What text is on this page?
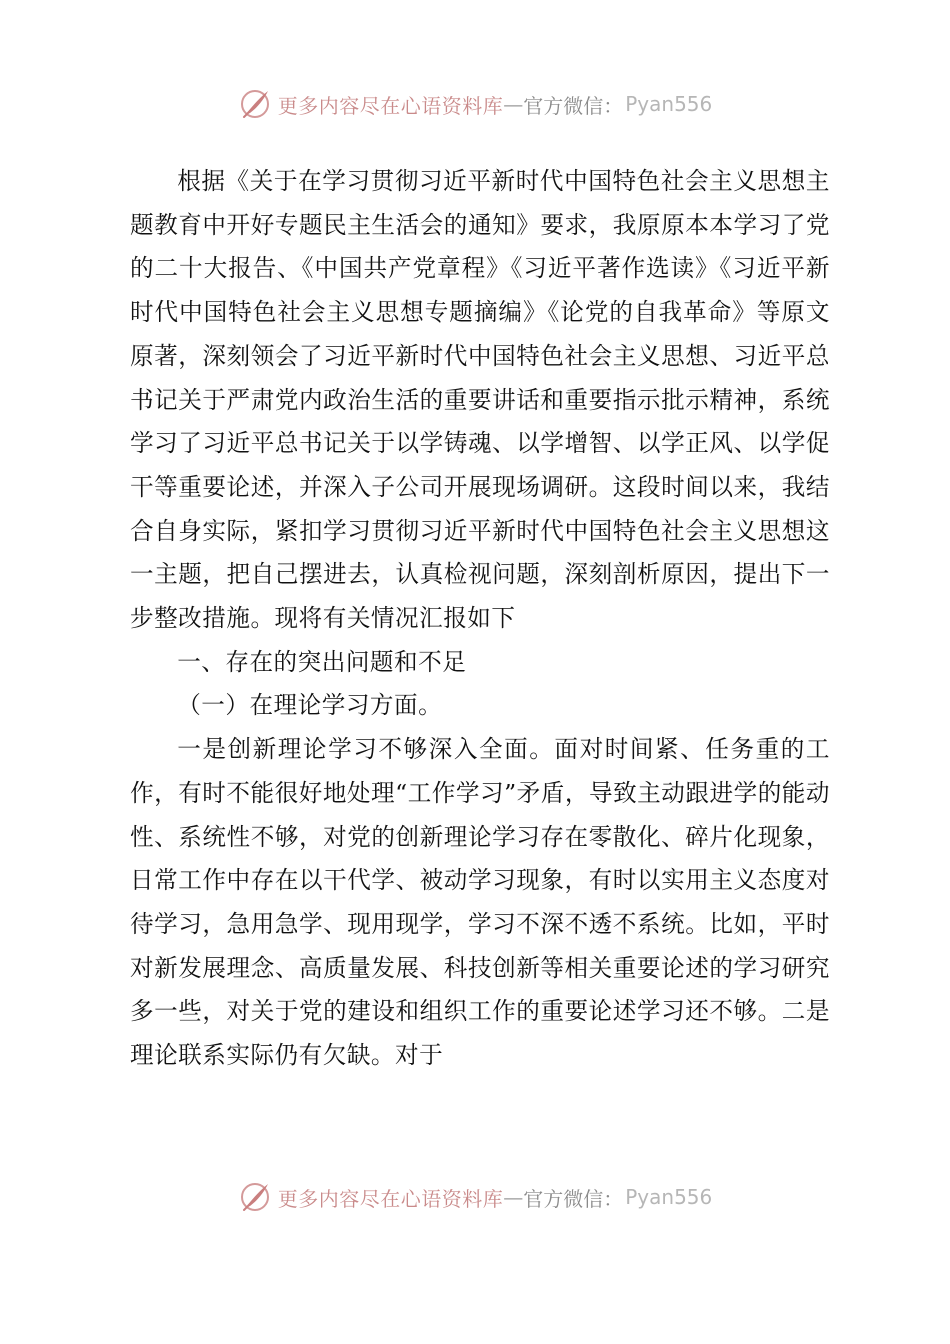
更多内容尽在心语资料库 — 官方微信： Pyan556

根据《关于在学习贯彻习近平新时代中国特色社会主义思想主题教育中开好专题民主生活会的通知》要求，我原原本本学习了党的二十大报告、《中国共产党章程》《习近平著作选读》《习近平新时代中国特色社会主义思想专题摘编》《论党的自我革命》等原文原著，深刻领会了习近平新时代中国特色社会主义思想、习近平总书记关于严肃党内政治生活的重要讲话和重要指示批示精神，系统学习了习近平总书记关于以学铸魂、以学增智、以学正风、以学促干等重要论述，并深入子公司开展现场调研。这段时间以来，我结合自身实际，紧扣学习贯彻习近平新时代中国特色社会主义思想这一主题，把自己摆进去，认真检视问题，深刻剖析原因，提出下一步整改措施。现将有关情况汇报如下

一、存在的突出问题和不足

（一）在理论学习方面。

一是创新理论学习不够深入全面。面对时间紧、任务重的工作，有时不能很好地处理“工作学习”矛盾，导致主动跟进学的能动性、系统性不够，对党的创新理论学习存在零散化、碎片化现象，日常工作中存在以干代学、被动学习现象，有时以实用主义态度对待学习，急用急学、现用现学，学习不深不透不系统。比如，平时对新发展理念、高质量发展、科技创新等相关重要论述的学习研究多一些，对关于党的建设和组织工作的重要论述学习还不够。二是理论联系实际仍有欠缺。对于

更多内容尽在心语资料库 — 官方微信： Pyan556
